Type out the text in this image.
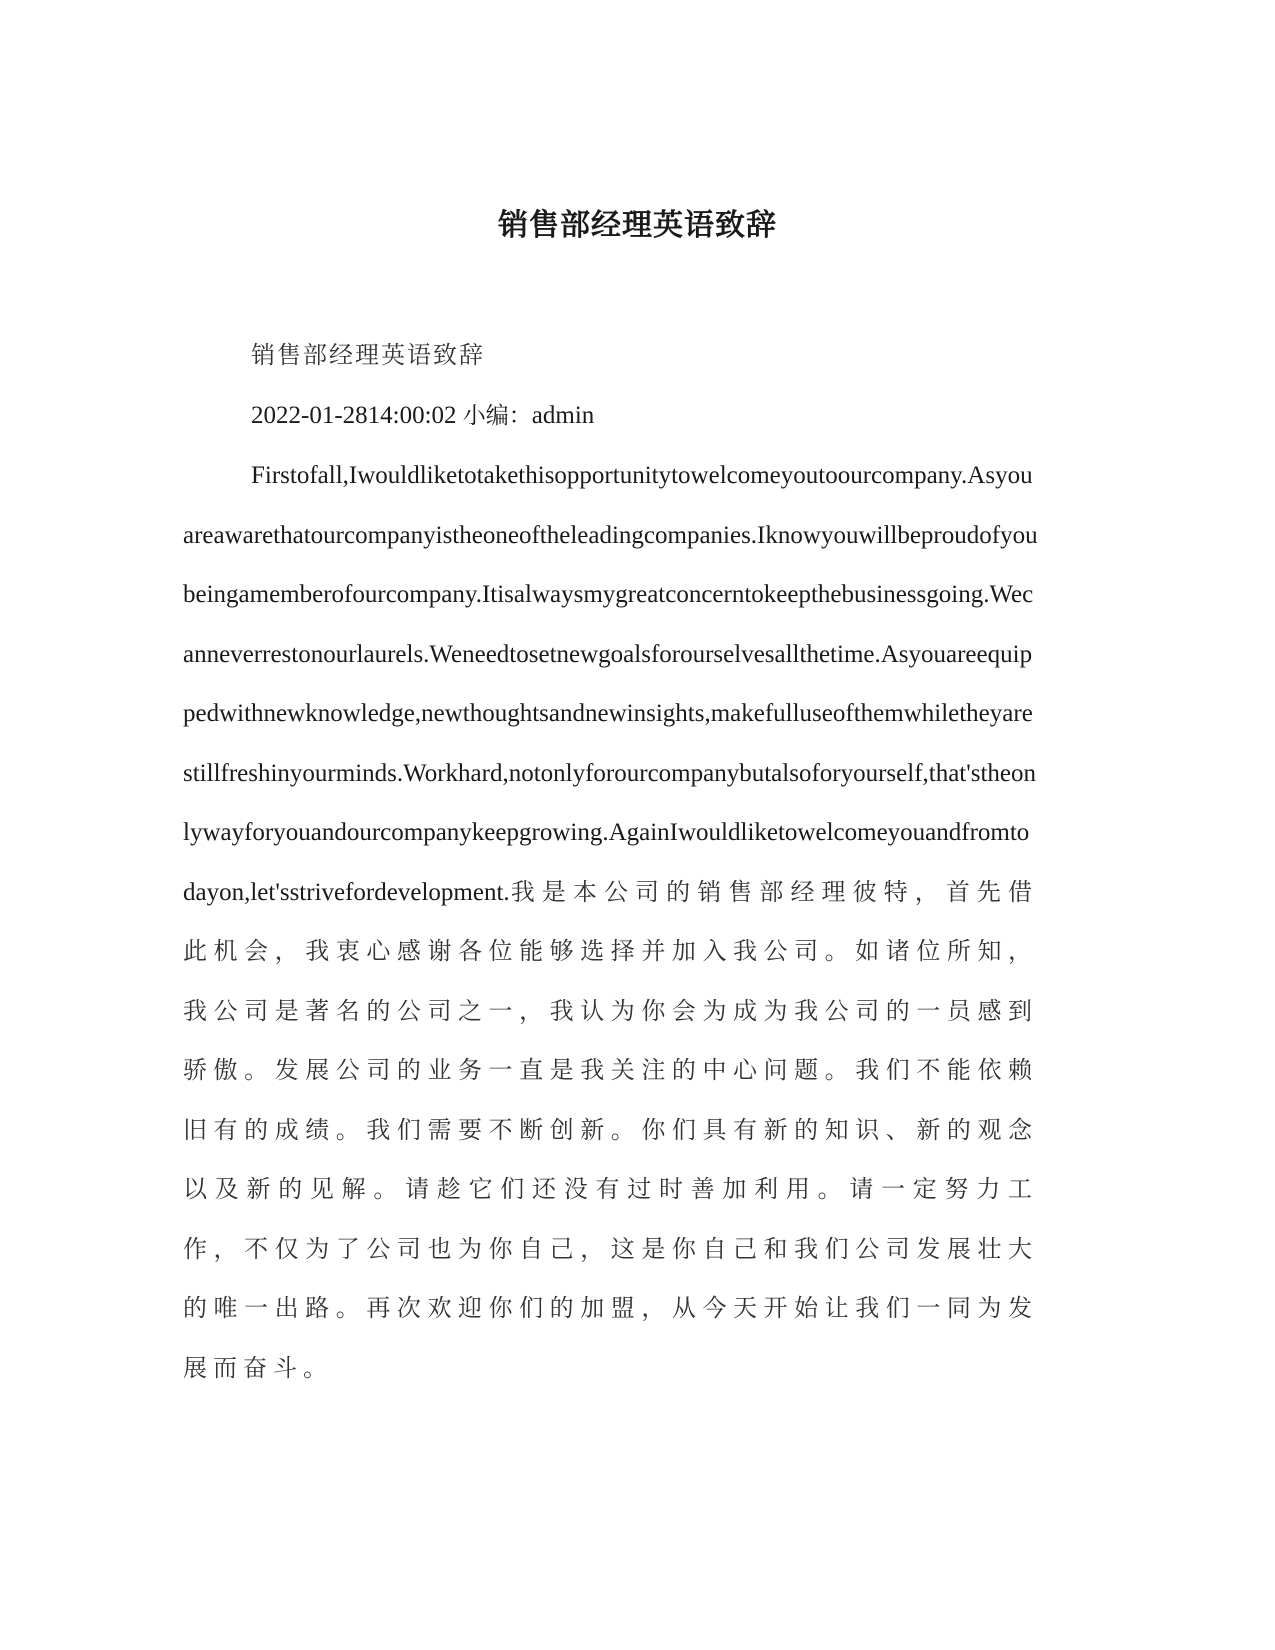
销售部经理英语致辞

销售部经理英语致辞

2022-01-2814:00:02 小编：admin

Firstofall,Iwouldliketotakethisopportunitytowelcomeyoutoourcompany.Asyouareawarethatourcompanyistheoneoftheleadingcompanies.Iknowyouwillbeproudofyoubeingamemberofourcompany.Itisalwaysmygreatconcerntokeepthebusinessgoing.Wecanneverrestonourlaurels.Weneedtosetnewgoalsforourselvesallthetime.Asyouareequippedwithnewknowledge,newthoughtsandnewinsights,makefulluseofthemwhiletheyarestillfreshinyourminds.Workhard,notonlyforourcompanybutalsoforyourself,that'stheonlywayforyouandourcompanykeepgrowing.AgainIwouldliketowelcomeyouandfromtodayon,let'sstrivefordevelopment.我是本公司的销售部经理彼特，首先借此机会，我衷心感谢各位能够选择并加入我公司。如诸位所知，我公司是著名的公司之一，我认为你会为成为我公司的一员感到骄傲。发展公司的业务一直是我关注的中心问题。我们不能依赖旧有的成绩。我们需要不断创新。你们具有新的知识、新的观念以及新的见解。请趁它们还没有过时善加利用。请一定努力工作，不仅为了公司也为你自己，这是你自己和我们公司发展壮大的唯一出路。再次欢迎你们的加盟，从今天开始让我们一同为发展而奋斗。
